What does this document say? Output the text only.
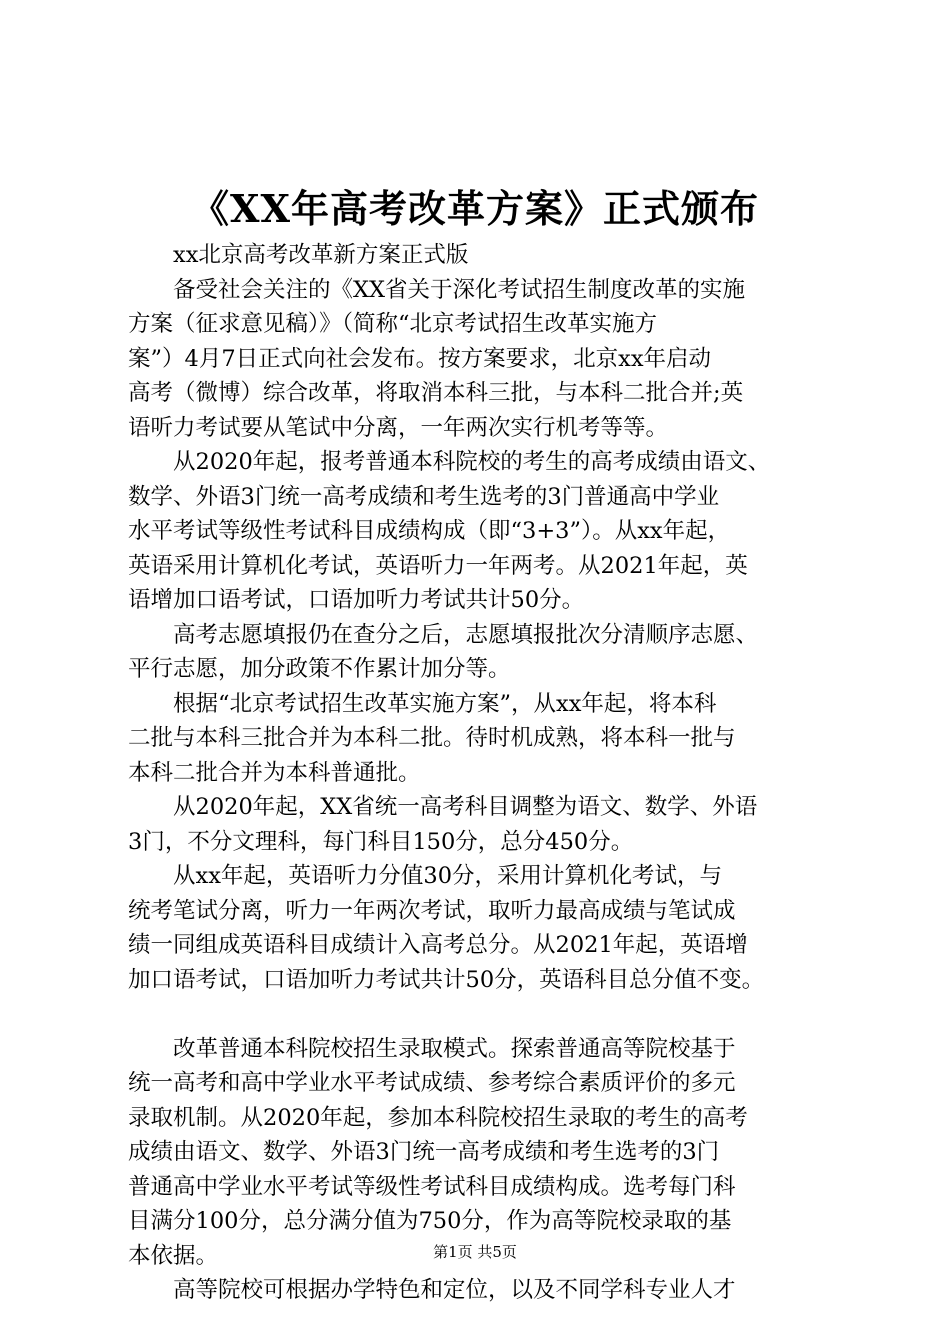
《XX年高考改革方案》正式颁布
　　xx北京高考改革新方案正式版
　　备受社会关注的《XX省关于深化考试招生制度改革的实施
方案（征求意见稿）》（简称“北京考试招生改革实施方
案”）4月7日正式向社会发布。按方案要求，北京xx年启动
高考（微博）综合改革，将取消本科三批，与本科二批合并;英
语听力考试要从笔试中分离，一年两次实行机考等等。
　　从2020年起，报考普通本科院校的考生的高考成绩由语文、
数学、外语3门统一高考成绩和考生选考的3门普通高中学业
水平考试等级性考试科目成绩构成（即“3+3”）。从xx年起，
英语采用计算机化考试，英语听力一年两考。从2021年起，英
语增加口语考试，口语加听力考试共计50分。
　　高考志愿填报仍在查分之后，志愿填报批次分清顺序志愿、
平行志愿，加分政策不作累计加分等。
　　根据“北京考试招生改革实施方案”，从xx年起，将本科
二批与本科三批合并为本科二批。待时机成熟，将本科一批与
本科二批合并为本科普通批。
　　从2020年起，XX省统一高考科目调整为语文、数学、外语
3门，不分文理科，每门科目150分，总分450分。
　　从xx年起，英语听力分值30分，采用计算机化考试，与
统考笔试分离，听力一年两次考试，取听力最高成绩与笔试成
绩一同组成英语科目成绩计入高考总分。从2021年起，英语增
加口语考试，口语加听力考试共计50分，英语科目总分值不变。
　　改革普通本科院校招生录取模式。探索普通高等院校基于
统一高考和高中学业水平考试成绩、参考综合素质评价的多元
录取机制。从2020年起，参加本科院校招生录取的考生的高考
成绩由语文、数学、外语3门统一高考成绩和考生选考的3门
普通高中学业水平考试等级性考试科目成绩构成。选考每门科
目满分100分，总分满分值为750分，作为高等院校录取的基
本依据。
　　高等院校可根据办学特色和定位，以及不同学科专业人才
第1页 共5页
